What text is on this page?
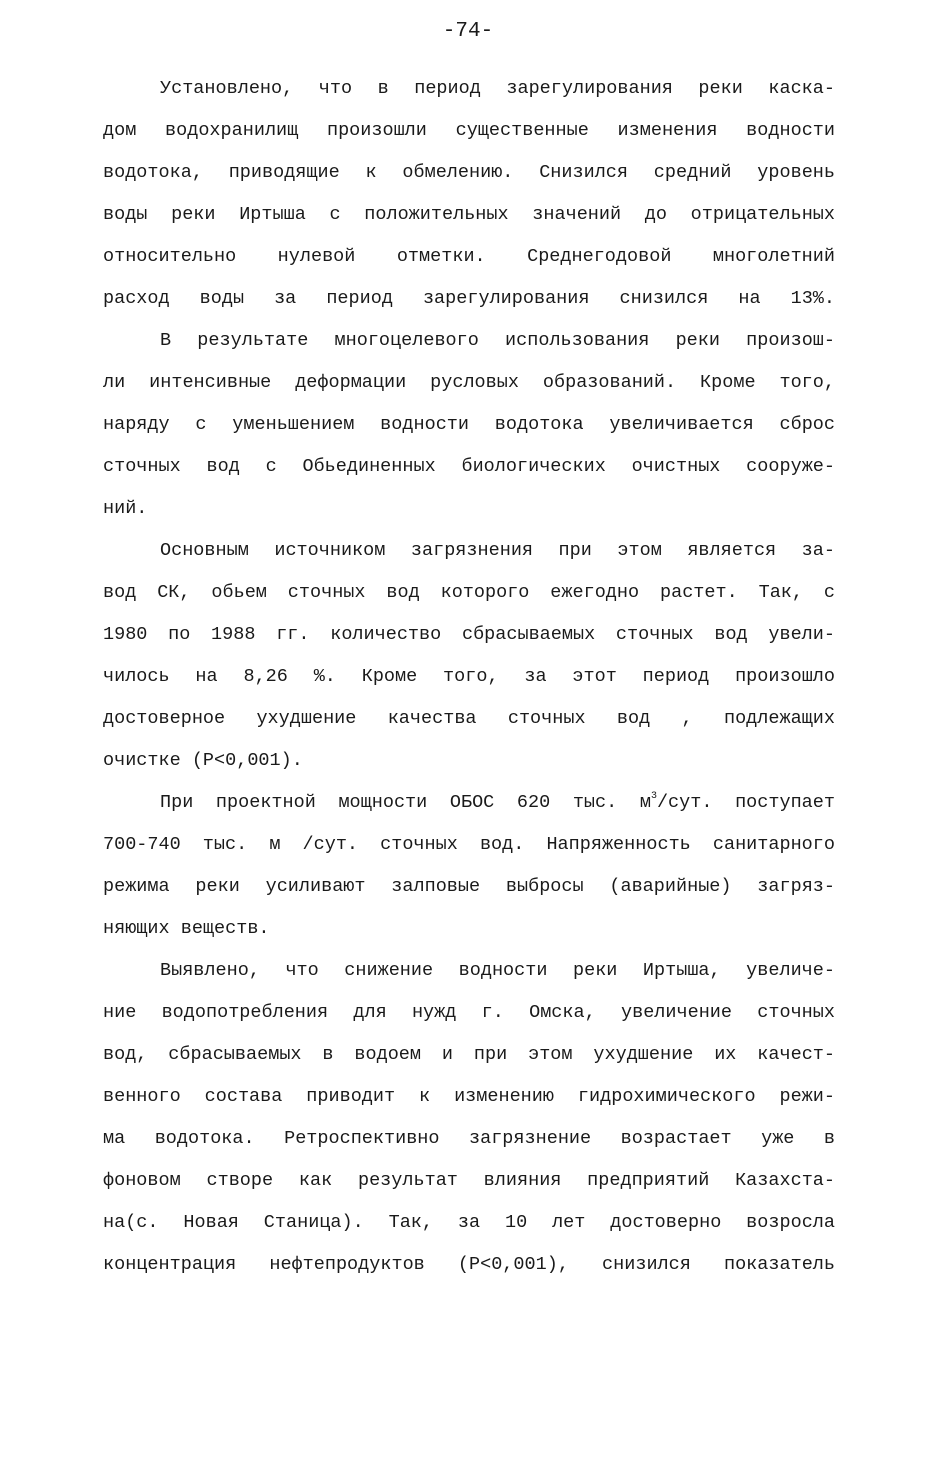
-74-
Установлено, что в период зарегулирования реки каска-
дом водохранилищ произошли существенные изменения водности
водотока, приводящие к обмелению. Снизился средний уровень
воды реки Иртыша с положительных значений до отрицательных
относительно нулевой отметки. Среднегодовой многолетний
расход воды за период зарегулирования снизился на 13%.
В результате многоцелевого использования реки произош-
ли интенсивные деформации русловых образований. Кроме того,
наряду с уменьшением водности водотока увеличивается сброс
сточных вод с Обьединенных биологических очистных сооруже-
ний.
Основным источником загрязнения при этом является за-
вод СК, обьем сточных вод которого ежегодно растет. Так, с
1980 по 1988 гг. количество сбрасываемых сточных вод увели-
чилось на 8,26 %. Кроме того, за этот период произошло
достоверное ухудшение качества сточных вод , подлежащих
очистке (Р<0,001).
При проектной мощности ОБОС 620 тыс. $м^3$/сут. поступает
700-740 тыс. м /сут. сточных вод. Напряженность санитарного
режима реки усиливают залповые выбросы (аварийные) загряз-
няющих веществ.
Выявлено, что снижение водности реки Иртыша, увеличе-
ние водопотребления для нужд г. Омска, увеличение сточных
вод, сбрасываемых в водоем и при этом ухудшение их качест-
венного состава приводит к изменению гидрохимического режи-
ма водотока. Ретроспективно загрязнение возрастает уже в
фоновом створе как результат влияния предприятий Казахста-
на(с. Новая Станица). Так, за 10 лет достоверно возросла
концентрация нефтепродуктов (Р<0,001), снизился показатель
